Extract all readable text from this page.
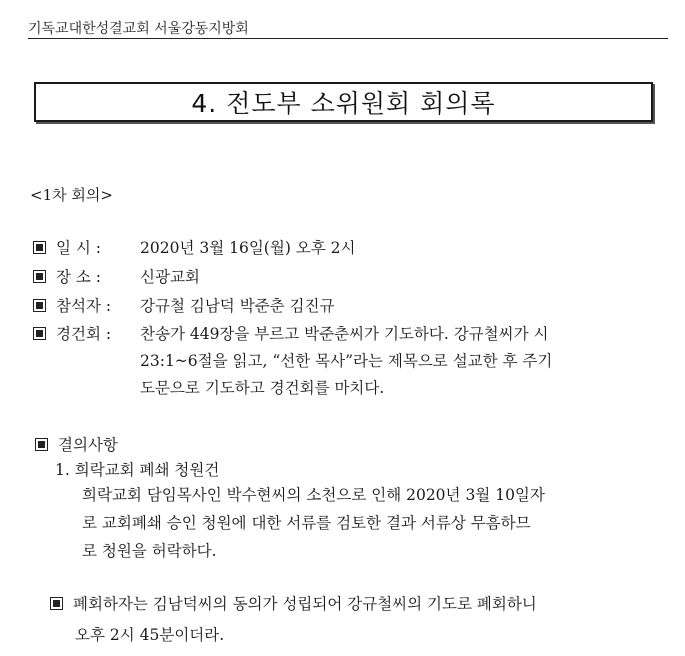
기독교대한성결교회 서울강동지방회
4. 전도부 소위원회 회의록
<1차 회의>
일 시 :	2020년 3월 16일(월) 오후 2시
장 소 :	신광교회
참석자 :	강규철 김남덕 박준춘 김진규
경건회 :	찬송가 449장을 부르고 박준춘씨가 기도하다. 강규철씨가 시
23:1~6절을 읽고, “선한 목사”라는 제목으로 설교한 후 주기
도문으로 기도하고 경건회를 마치다.
결의사항
1. 희락교회 폐쇄 청원건
희락교회 담임목사인 박수현씨의 소천으로 인해 2020년 3월 10일자
로 교회폐쇄 승인 청원에 대한 서류를 검토한 결과 서류상 무흠하므
로 청원을 허락하다.
폐회하자는 김남덕씨의 동의가 성립되어 강규철씨의 기도로 폐회하니
오후 2시 45분이더라.
